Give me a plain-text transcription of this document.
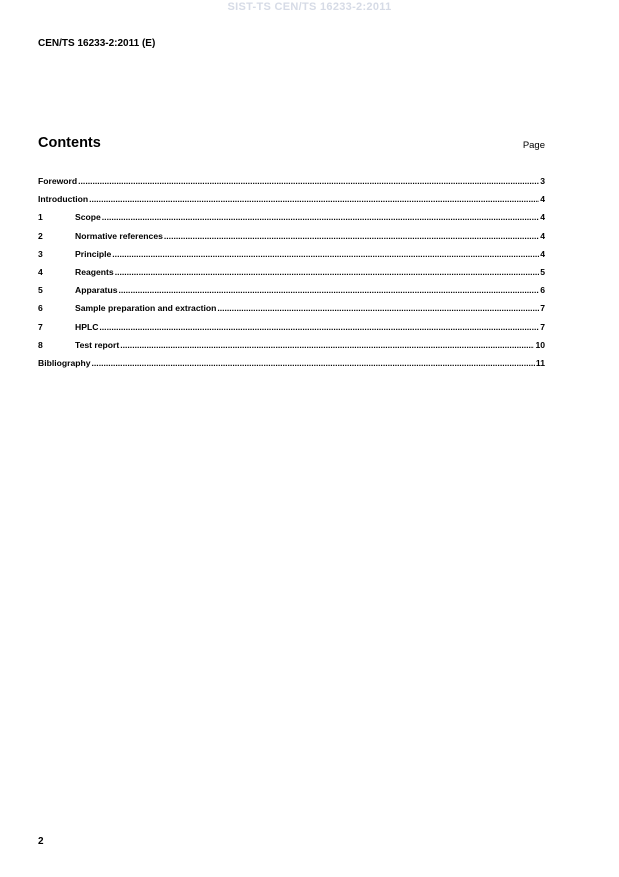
SIST-TS CEN/TS 16233-2:2011
CEN/TS 16233-2:2011 (E)
Contents	Page
Foreword .....	3
Introduction .....	4
1	Scope .....	4
2	Normative references .....	4
3	Principle .....	4
4	Reagents .....	5
5	Apparatus .....	6
6	Sample preparation and extraction .....	7
7	HPLC .....	7
8	Test report .....	10
Bibliography .....	11
2
